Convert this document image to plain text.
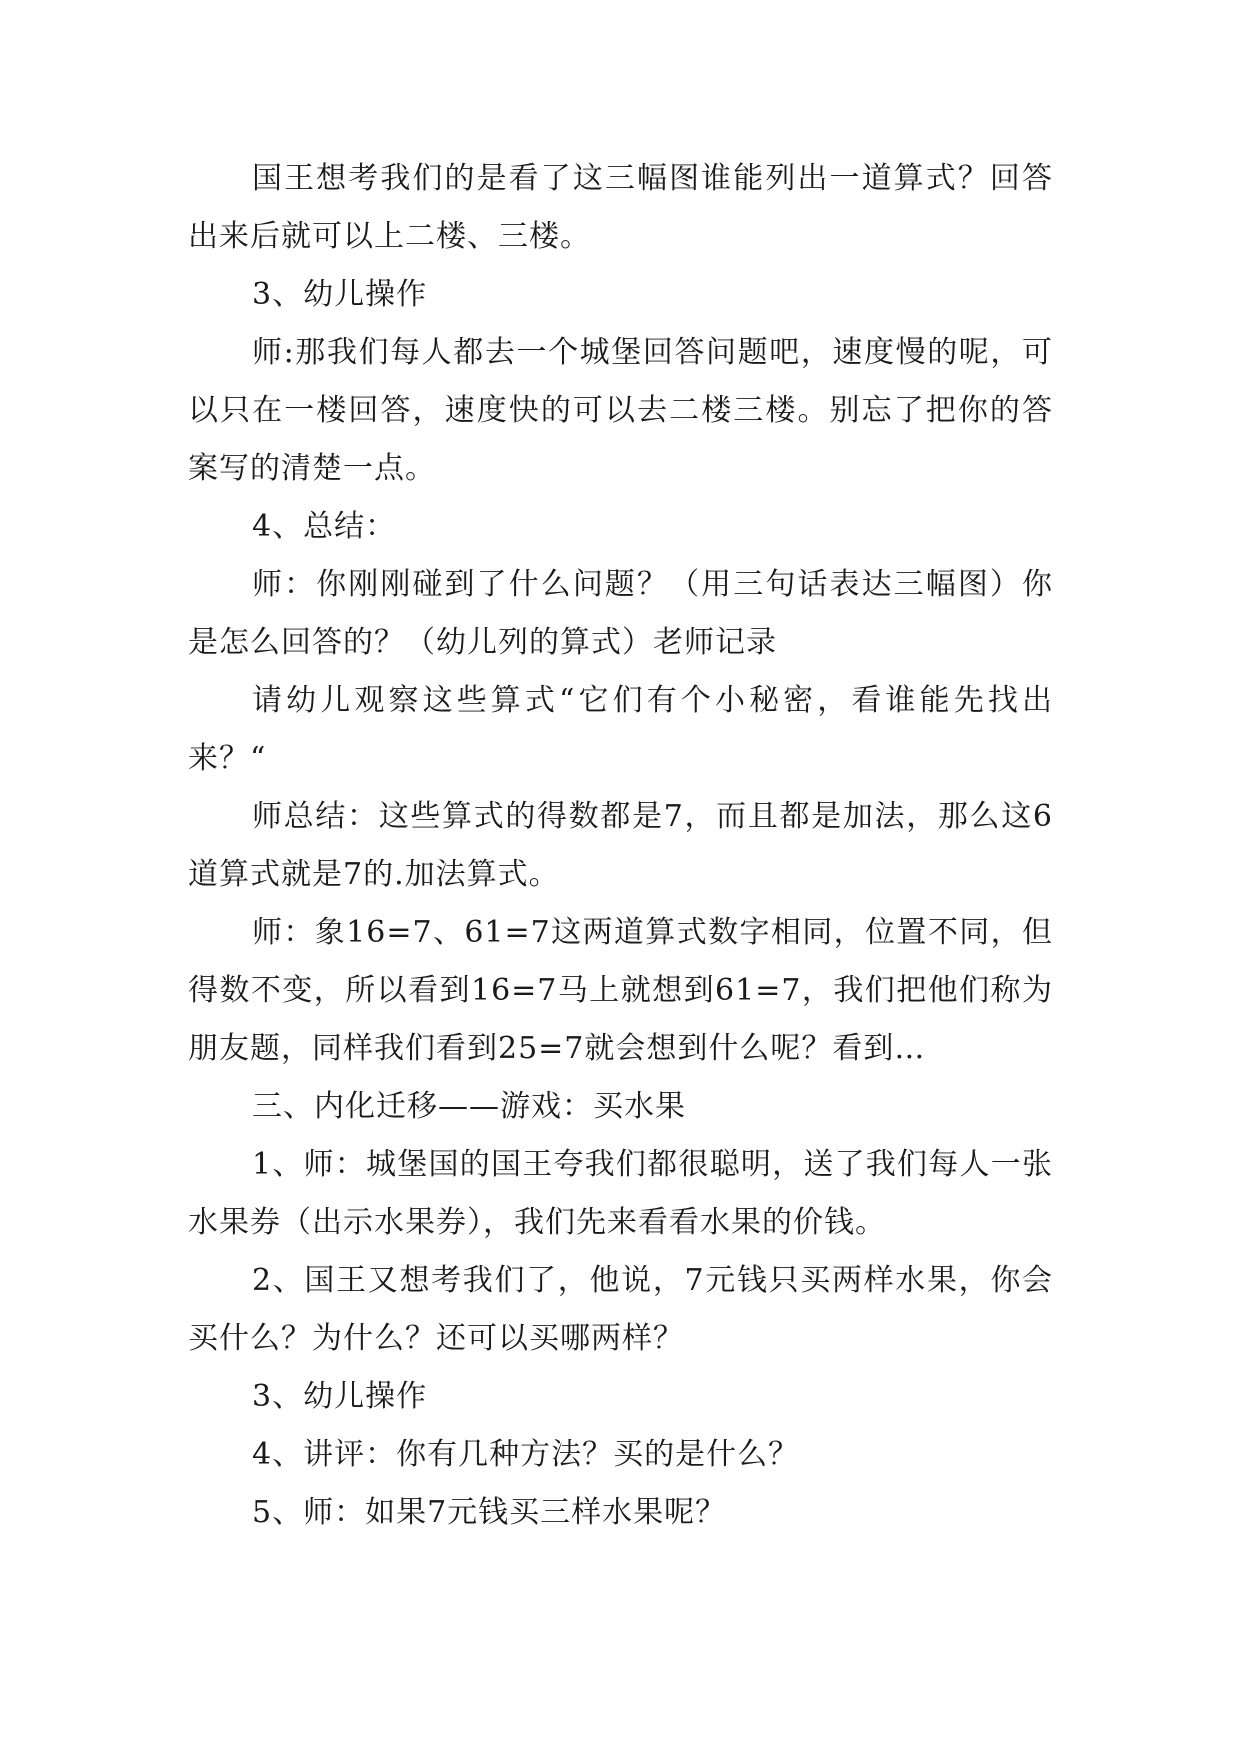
国王想考我们的是看了这三幅图谁能列出一道算式？回答出来后就可以上二楼、三楼。

3、幼儿操作

师:那我们每人都去一个城堡回答问题吧，速度慢的呢，可以只在一楼回答，速度快的可以去二楼三楼。别忘了把你的答案写的清楚一点。

4、总结：

师：你刚刚碰到了什么问题？（用三句话表达三幅图）你是怎么回答的？（幼儿列的算式）老师记录

请幼儿观察这些算式“它们有个小秘密，看谁能先找出来？“

师总结：这些算式的得数都是7，而且都是加法，那么这6道算式就是7的.加法算式。

师：象16=7、61=7这两道算式数字相同，位置不同，但得数不变，所以看到16=7马上就想到61=7，我们把他们称为朋友题，同样我们看到25=7就会想到什么呢？看到…

三、内化迁移——游戏：买水果

1、师：城堡国的国王夸我们都很聪明，送了我们每人一张水果券（出示水果券），我们先来看看水果的价钱。

2、国王又想考我们了，他说，7元钱只买两样水果，你会买什么？为什么？还可以买哪两样？

3、幼儿操作

4、讲评：你有几种方法？买的是什么？

5、师：如果7元钱买三样水果呢？
